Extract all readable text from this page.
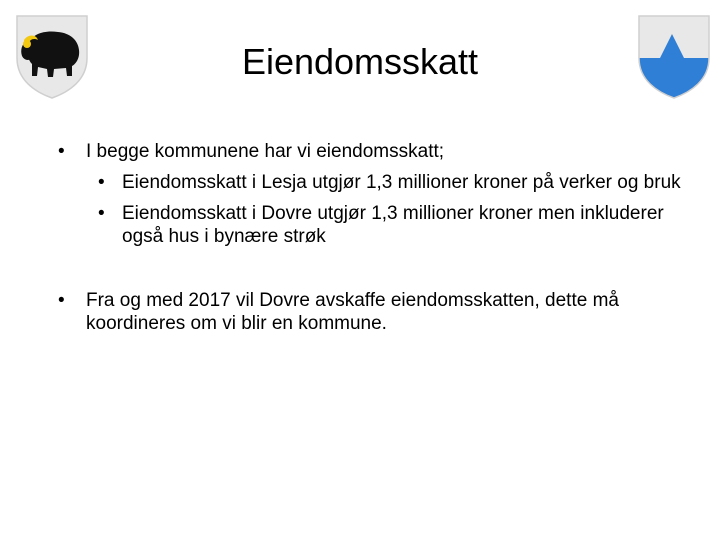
Eiendomsskatt
• I begge kommunene har vi eiendomsskatt;
• Eiendomsskatt i Lesja utgjør 1,3 millioner kroner på verker og bruk
• Eiendomsskatt i Dovre utgjør 1,3 millioner kroner men inkluderer også hus i bynære strøk
• Fra og med 2017 vil Dovre avskaffe eiendomsskatten, dette må koordineres om vi blir en kommune.
